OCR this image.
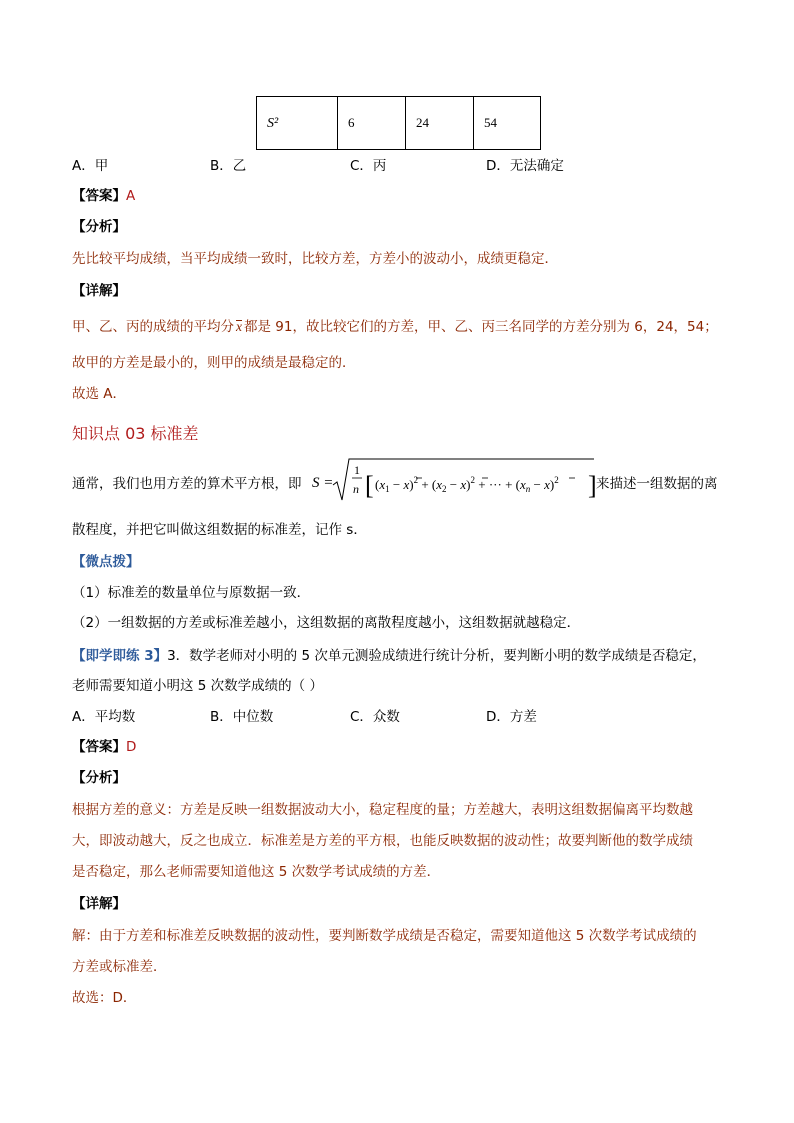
S²	6	24	54
A．甲	B．乙	C．丙	D．无法确定
【答案】A
【分析】
先比较平均成绩，当平均成绩一致时，比较方差，方差小的波动小，成绩更稳定．
【详解】
甲、乙、丙的成绩的平均分 x 都是 91，故比较它们的方差，甲、乙、丙三名同学的方差分别为 6，24，54；
故甲的方差是最小的，则甲的成绩是最稳定的．
故选 A．
知识点 03 标准差
通常，我们也用方差的算术平方根，即 S =
1
n [ $(x_1 - x)^2 + (x_2 - x)^2$ + ··· + $(x_n - x)^2$ ] 来描述一组数据的离
散程度，并把它叫做这组数据的标准差，记作 s．
【微点拨】
（1）标准差的数量单位与原数据一致．
（2）一组数据的方差或标准差越小，这组数据的离散程度越小，这组数据就越稳定．
【即学即练 3】3．数学老师对小明的 5 次单元测验成绩进行统计分析，要判断小明的数学成绩是否稳定，
老师需要知道小明这 5 次数学成绩的（ ）
A．平均数	B．中位数	C．众数	D．方差
【答案】D
【分析】
根据方差的意义：方差是反映一组数据波动大小，稳定程度的量；方差越大，表明这组数据偏离平均数越
大，即波动越大，反之也成立．标准差是方差的平方根，也能反映数据的波动性；故要判断他的数学成绩
是否稳定，那么老师需要知道他这 5 次数学考试成绩的方差．
【详解】
解：由于方差和标准差反映数据的波动性，要判断数学成绩是否稳定，需要知道他这 5 次数学考试成绩的
方差或标准差．
故选：D．
